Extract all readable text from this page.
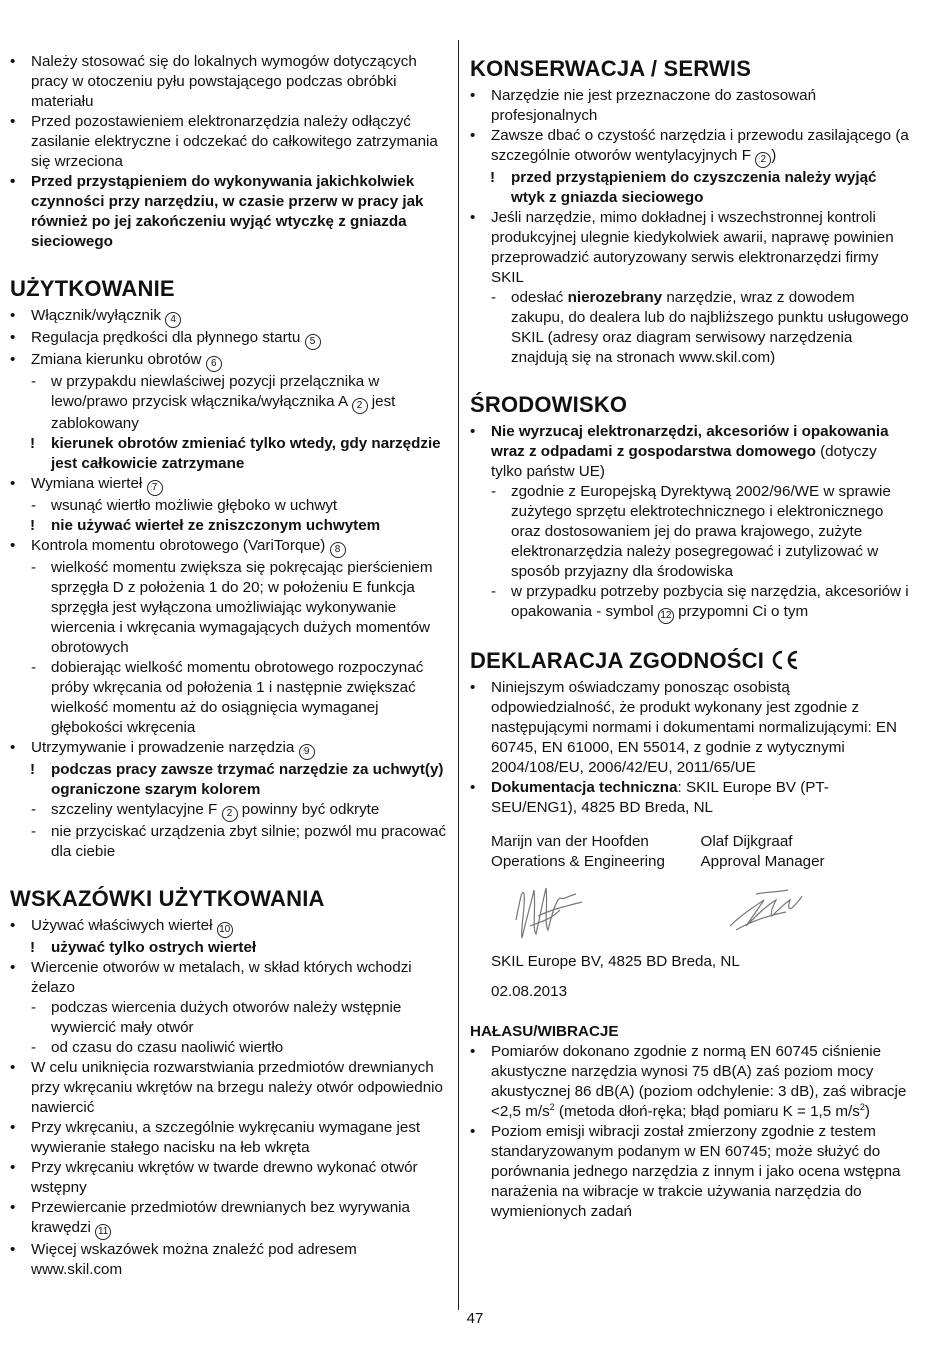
• Należy stosować się do lokalnych wymogów dotyczących pracy w otoczeniu pyłu powstającego podczas obróbki materiału
• Przed pozostawieniem elektronarzędzia należy odłączyć zasilanie elektryczne i odczekać do całkowitego zatrzymania się wrzeciona
• Przed przystąpieniem do wykonywania jakichkolwiek czynności przy narzędziu, w czasie przerw w pracy jak również po jej zakończeniu wyjąć wtyczkę z gniazda sieciowego
UŻYTKOWANIE
• Włącznik/wyłącznik 4
• Regulacja prędkości dla płynnego startu 5
• Zmiana kierunku obrotów 6
- w przypakdu niewlaściwej pozycji przelącznika w lewo/prawo przycisk włącznika/wyłącznika A 2 jest zablokowany
! kierunek obrotów zmieniać tylko wtedy, gdy narzędzie jest całkowicie zatrzymane
• Wymiana wierteł 7
- wsunąć wiertło możliwie głęboko w uchwyt
! nie używać wierteł ze zniszczonym uchwytem
• Kontrola momentu obrotowego (VariTorque) 8
- wielkość momentu zwiększa się pokręcając pierścieniem sprzęgła D z położenia 1 do 20; w położeniu E funkcja sprzęgła jest wyłączona umożliwiając wykonywanie wiercenia i wkręcania wymagających dużych momentów obrotowych
- dobierając wielkość momentu obrotowego rozpoczynać próby wkręcania od położenia 1 i następnie zwiększać wielkość momentu aż do osiągnięcia wymaganej głębokości wkręcenia
• Utrzymywanie i prowadzenie narzędzia 9
! podczas pracy zawsze trzymać narzędzie za uchwyt(y) ograniczone szarym kolorem
- szczeliny wentylacyjne F 2 powinny być odkryte
- nie przyciskać urządzenia zbyt silnie; pozwól mu pracować dla ciebie
WSKAZÓWKI UŻYTKOWANIA
• Używać właściwych wierteł 10
! używać tylko ostrych wierteł
• Wiercenie otworów w metalach, w skład których wchodzi żelazo
- podczas wiercenia dużych otworów należy wstępnie wywiercić mały otwór
- od czasu do czasu naoliwić wiertło
• W celu uniknięcia rozwarstwiania przedmiotów drewnianych przy wkręcaniu wkrętów na brzegu należy otwór odpowiednio nawiercić
• Przy wkręcaniu, a szczególnie wykręcaniu wymagane jest wywieranie stałego nacisku na łeb wkręta
• Przy wkręcaniu wkrętów w twarde drewno wykonać otwór wstępny
• Przewiercanie przedmiotów drewnianych bez wyrywania krawędzi 11
• Więcej wskazówek można znaleźć pod adresem www.skil.com
KONSERWACJA / SERWIS
• Narzędzie nie jest przeznaczone do zastosowań profesjonalnych
• Zawsze dbać o czystość narzędzia i przewodu zasilającego (a szczególnie otworów wentylacyjnych F 2 )
! przed przystąpieniem do czyszczenia należy wyjąć wtyk z gniazda sieciowego
• Jeśli narzędzie, mimo dokładnej i wszechstronnej kontroli produkcyjnej ulegnie kiedykolwiek awarii, naprawę powinien przeprowadzić autoryzowany serwis elektronarzędzi firmy SKIL
- odesłać nierozebrany narzędzie, wraz z dowodem zakupu, do dealera lub do najbliższego punktu usługowego SKIL (adresy oraz diagram serwisowy narzędzenia znajdują się na stronach www.skil.com)
ŚRODOWISKO
• Nie wyrzucaj elektronarzędzi, akcesoriów i opakowania wraz z odpadami z gospodarstwa domowego (dotyczy tylko państw UE)
- zgodnie z Europejską Dyrektywą 2002/96/WE w sprawie zużytego sprzętu elektrotechnicznego i elektronicznego oraz dostosowaniem jej do prawa krajowego, zużyte elektronarzędzia należy posegregować i zutylizować w sposób przyjazny dla środowiska
- w przypadku potrzeby pozbycia się narzędzia, akcesoriów i opakowania - symbol 12 przypomni Ci o tym
DEKLARACJA ZGODNOŚCI
• Niniejszym oświadczamy ponosząc osobistą odpowiedzialność, że produkt wykonany jest zgodnie z następującymi normami i dokumentami normalizującymi: EN 60745, EN 61000, EN 55014, z godnie z wytycznymi 2004/108/EU, 2006/42/EU, 2011/65/UE
• Dokumentacja techniczna: SKIL Europe BV (PT-SEU/ENG1), 4825 BD Breda, NL
Marijn van der Hoofden
Operations & Engineering
Olaf Dijkgraaf
Approval Manager
SKIL Europe BV, 4825 BD Breda, NL
02.08.2013
HAŁASU/WIBRACJE
• Pomiarów dokonano zgodnie z normą EN 60745 ciśnienie akustyczne narzędzia wynosi 75 dB(A) zaś poziom mocy akustycznej 86 dB(A) (poziom odchylenie: 3 dB), zaś wibracje <2,5 $m/s^2$ (metoda dłoń-ręka; błąd pomiaru K = 1,5 $m/s^2$)
• Poziom emisji wibracji został zmierzony zgodnie z testem standaryzowanym podanym w EN 60745; może służyć do porównania jednego narzędzia z innym i jako ocena wstępna narażenia na wibracje w trakcie używania narzędzia do wymienionych zadań
47
